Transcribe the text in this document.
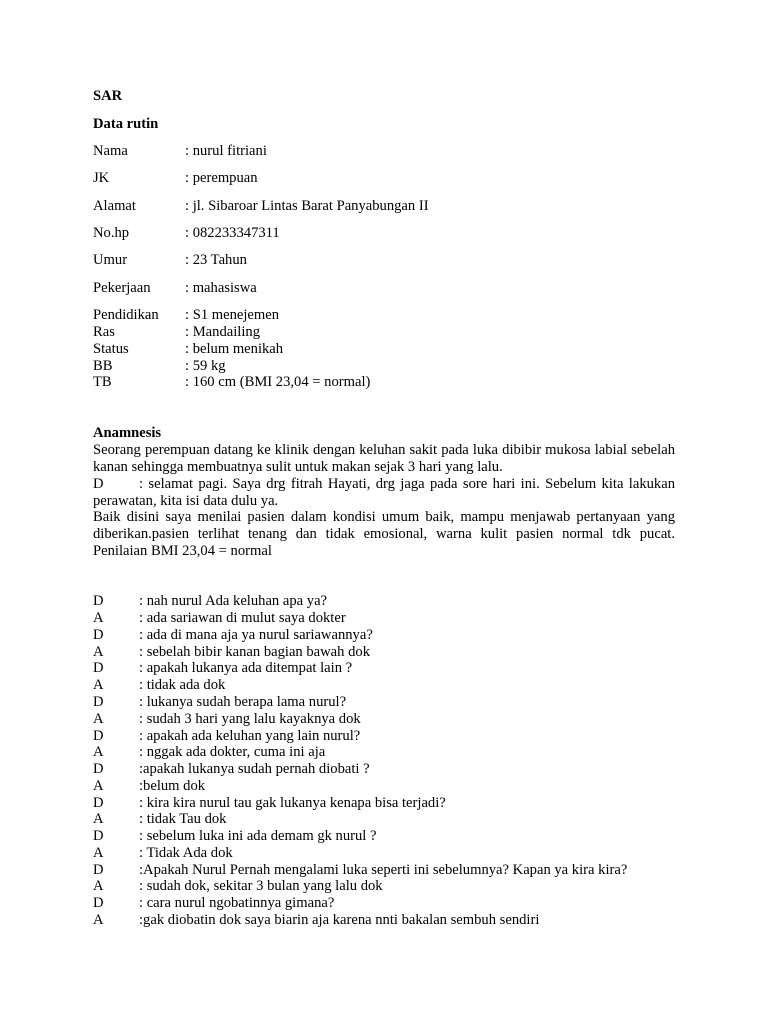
SAR
Data rutin
Nama	: nurul fitriani
JK	: perempuan
Alamat	: jl. Sibaroar Lintas Barat Panyabungan II
No.hp	: 082233347311
Umur	: 23 Tahun
Pekerjaan : mahasiswa
Pendidikan : S1 menejemen
Ras	: Mandailing
Status	: belum menikah
BB	: 59 kg
TB	: 160 cm (BMI 23,04 = normal)
Anamnesis
Seorang perempuan datang ke klinik dengan keluhan sakit pada luka dibibir mukosa labial sebelah kanan sehingga membuatnya sulit untuk makan sejak 3 hari yang lalu.
D : selamat pagi. Saya drg fitrah Hayati, drg jaga pada sore hari ini. Sebelum kita lakukan perawatan, kita isi data dulu ya.
Baik disini saya menilai pasien dalam kondisi umum baik, mampu menjawab pertanyaan yang diberikan.pasien terlihat tenang dan tidak emosional, warna kulit pasien normal tdk pucat. Penilaian BMI 23,04 = normal
D : nah nurul Ada keluhan apa ya?
A : ada sariawan di mulut saya dokter
D : ada di mana aja ya nurul sariawannya?
A : sebelah bibir kanan bagian bawah dok
D : apakah lukanya ada ditempat lain ?
A : tidak ada dok
D : lukanya sudah berapa lama nurul?
A : sudah 3 hari yang lalu kayaknya dok
D : apakah ada keluhan yang lain nurul?
A : nggak ada dokter, cuma ini aja
D :apakah lukanya sudah pernah diobati ?
A :belum dok
D : kira kira nurul tau gak lukanya kenapa bisa terjadi?
A : tidak Tau dok
D : sebelum luka ini ada demam gk nurul ?
A : Tidak Ada dok
D :Apakah Nurul Pernah mengalami luka seperti ini sebelumnya? Kapan ya kira kira?
A : sudah dok, sekitar 3 bulan yang lalu dok
D : cara nurul ngobatinnya gimana?
A :gak diobatin dok saya biarin aja karena nnti bakalan sembuh sendiri
